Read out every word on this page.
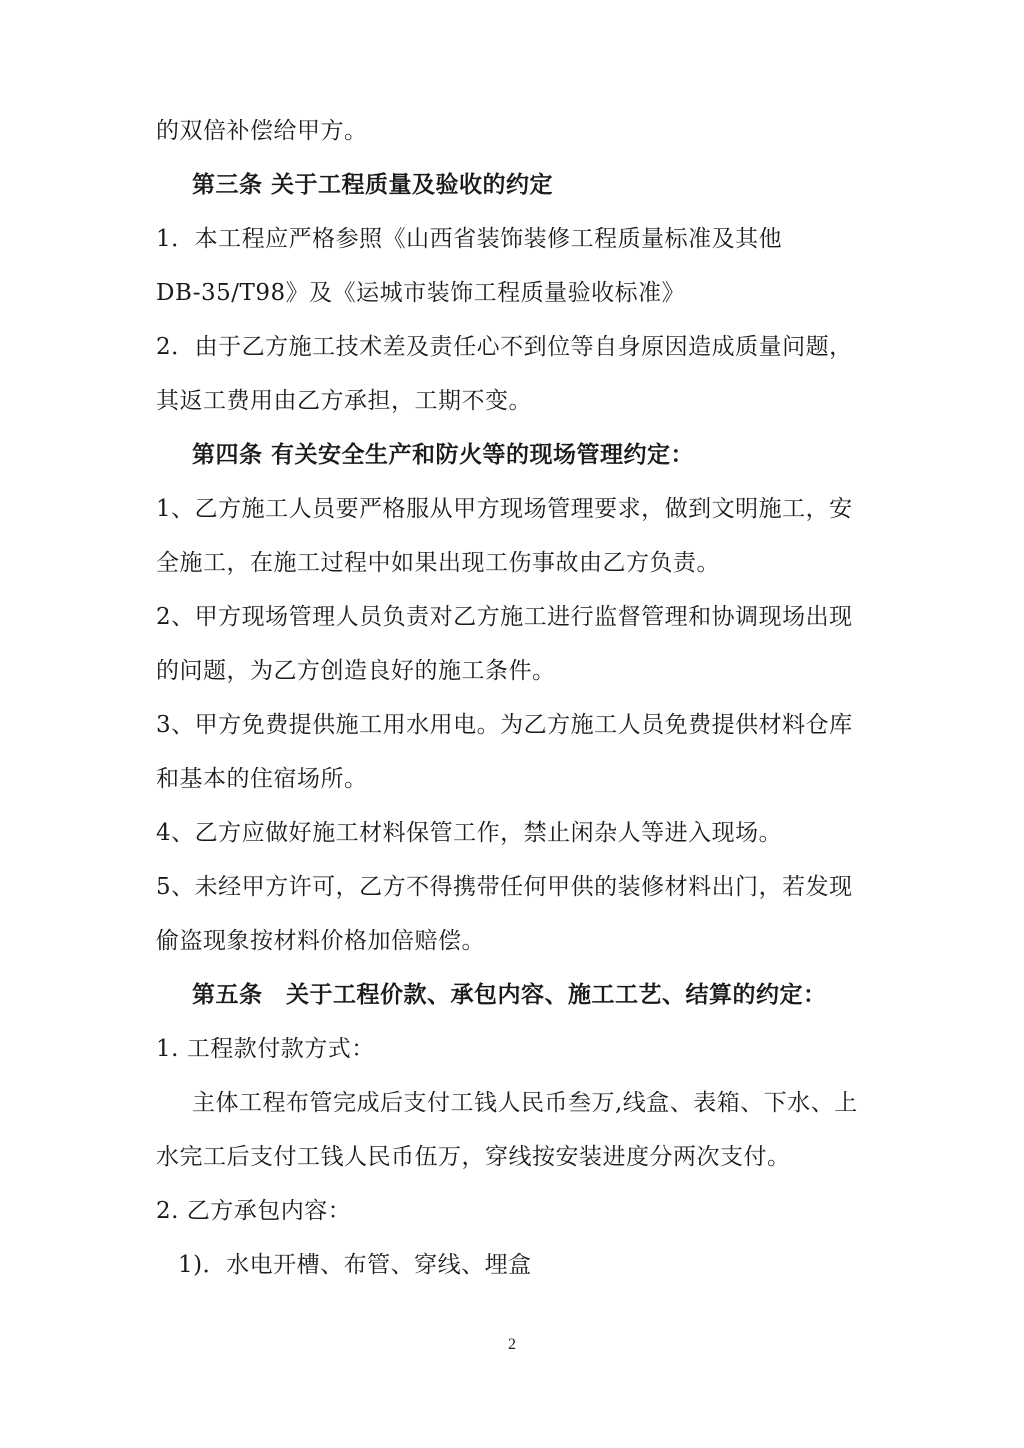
的双倍补偿给甲方。
第三条 关于工程质量及验收的约定
1．本工程应严格参照《山西省装饰装修工程质量标准及其他
DB-35/T98》及《运城市装饰工程质量验收标准》
2．由于乙方施工技术差及责任心不到位等自身原因造成质量问题，
其返工费用由乙方承担，工期不变。
第四条 有关安全生产和防火等的现场管理约定：
1、乙方施工人员要严格服从甲方现场管理要求，做到文明施工，安
全施工，在施工过程中如果出现工伤事故由乙方负责。
2、甲方现场管理人员负责对乙方施工进行监督管理和协调现场出现
的问题，为乙方创造良好的施工条件。
3、甲方免费提供施工用水用电。为乙方施工人员免费提供材料仓库
和基本的住宿场所。
4、乙方应做好施工材料保管工作，禁止闲杂人等进入现场。
5、未经甲方许可，乙方不得携带任何甲供的装修材料出门，若发现
偷盗现象按材料价格加倍赔偿。
第五条　关于工程价款、承包内容、施工工艺、结算的约定：
1. 工程款付款方式：
主体工程布管完成后支付工钱人民币叁万,线盒、表箱、下水、上
水完工后支付工钱人民币伍万，穿线按安装进度分两次支付。
2. 乙方承包内容：
1)．水电开槽、布管、穿线、埋盒
2
